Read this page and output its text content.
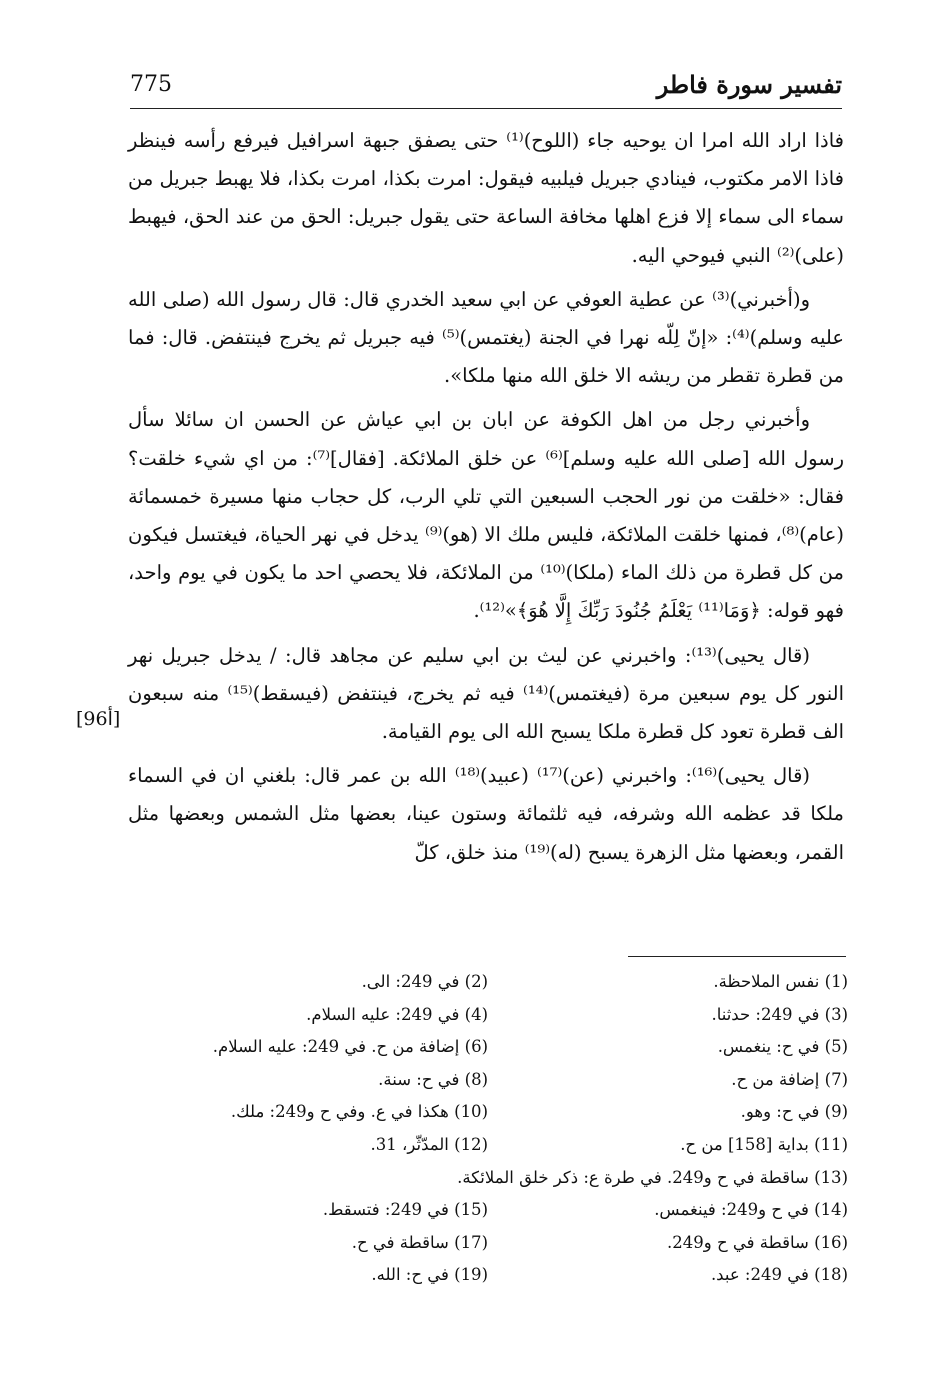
775	تفسير سورة فاطر

فاذا اراد الله امرا ان يوحيه جاء (اللوح)⁽¹⁾ حتى يصفق جبهة اسرافيل فيرفع رأسه فينظر فاذا الامر مكتوب، فينادي جبريل فيلبيه فيقول: امرت بكذا، امرت بكذا، فلا يهبط جبريل من سماء الى سماء إلا فزع اهلها مخافة الساعة حتى يقول جبريل: الحق من عند الحق، فيهبط (على)⁽²⁾ النبي فيوحي اليه.

و(أخبرني)⁽³⁾ عن عطية العوفي عن ابي سعيد الخدري قال: قال رسول الله (صلى الله عليه وسلم)⁽⁴⁾: «إنّ لِلّه نهرا في الجنة (يغتمس)⁽⁵⁾ فيه جبريل ثم يخرج فينتفض. قال: فما من قطرة تقطر من ريشه الا خلق الله منها ملكا».

وأخبرني رجل من اهل الكوفة عن ابان بن ابي عياش عن الحسن ان سائلا سأل رسول الله [صلى الله عليه وسلم]⁽⁶⁾ عن خلق الملائكة. [فقال]⁽⁷⁾: من اي شيء خلقت؟ فقال: «خلقت من نور الحجب السبعين التي تلي الرب، كل حجاب منها مسيرة خمسمائة (عام)⁽⁸⁾، فمنها خلقت الملائكة، فليس ملك الا (هو)⁽⁹⁾ يدخل في نهر الحياة، فيغتسل فيكون من كل قطرة من ذلك الماء (ملكا)⁽¹⁰⁾ من الملائكة، فلا يحصي احد ما يكون في يوم واحد، فهو قوله: ﴿وَمَا⁽¹¹⁾ يَعْلَمُ جُنُودَ رَبِّكَ إِلَّا هُوَ﴾»⁽¹²⁾.

(قال يحيى)⁽¹³⁾: واخبرني عن ليث بن ابي سليم عن مجاهد قال: / يدخل جبريل نهر النور كل يوم سبعين مرة (فيغتمس)⁽¹⁴⁾ فيه ثم يخرج، فينتفض (فيسقط)⁽¹⁵⁾ منه سبعون الف قطرة تعود كل قطرة ملكا يسبح الله الى يوم القيامة.

(قال يحيى)⁽¹⁶⁾: واخبرني (عن)⁽¹⁷⁾ (عبيد)⁽¹⁸⁾ الله بن عمر قال: بلغني ان في السماء ملكا قد عظمه الله وشرفه، فيه ثلثمائة وستون عينا، بعضها مثل الشمس وبعضها مثل القمر، وبعضها مثل الزهرة يسبح (له)⁽¹⁹⁾ منذ خلق، كلّ

[96أ]
(1) نفس الملاحظة.
(2) في 249: الى.
(3) في 249: حدثنا.
(4) في 249: عليه السلام.
(5) في ح: ينغمس.
(6) إضافة من ح. في 249: عليه السلام.
(7) إضافة من ح.
(8) في ح: سنة.
(9) في ح: وهو.
(10) هكذا في ع. وفي ح و249: ملك.
(11) بداية [158] من ح.
(12) المدّثّر، 31.
(13) ساقطة في ح و249. في طرة ع: ذكر خلق الملائكة.
(14) في ح و249: فينغمس.
(15) في 249: فتسقط.
(16) ساقطة في ح و249.
(17) ساقطة في ح.
(18) في 249: عبد.
(19) في ح: الله.
